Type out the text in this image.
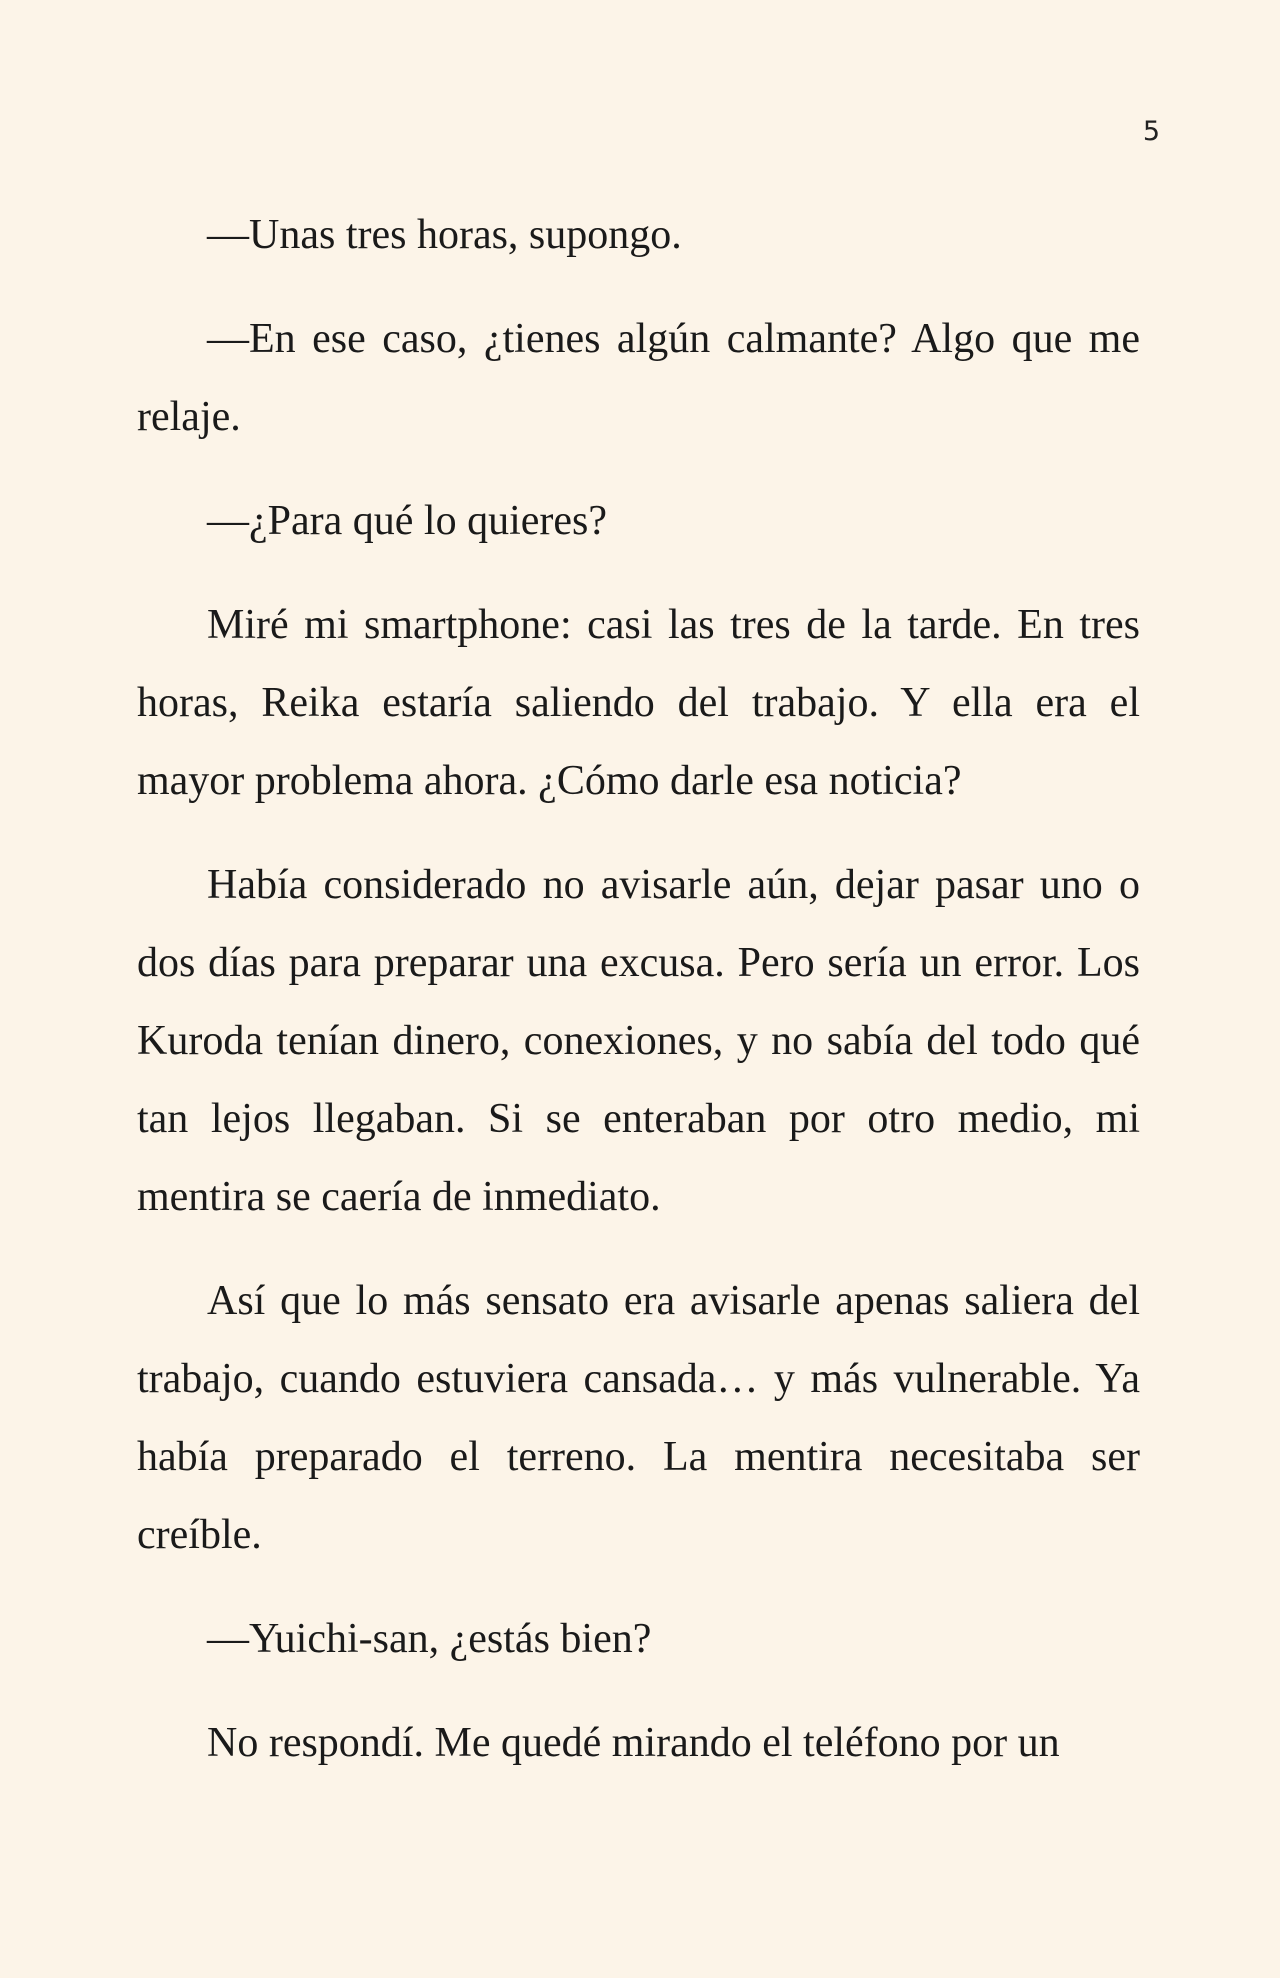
5

—Unas tres horas, supongo.

—En ese caso, ¿tienes algún calmante? Algo que me relaje.

—¿Para qué lo quieres?

Miré mi smartphone: casi las tres de la tarde. En tres horas, Reika estaría saliendo del trabajo. Y ella era el mayor problema ahora. ¿Cómo darle esa noticia?

Había considerado no avisarle aún, dejar pasar uno o dos días para preparar una excusa. Pero sería un error. Los Kuroda tenían dinero, conexiones, y no sabía del todo qué tan lejos llegaban. Si se enteraban por otro medio, mi mentira se caería de inmediato.

Así que lo más sensato era avisarle apenas saliera del trabajo, cuando estuviera cansada… y más vulnerable. Ya había preparado el terreno. La mentira necesitaba ser creíble.

—Yuichi-san, ¿estás bien?

No respondí. Me quedé mirando el teléfono por un
